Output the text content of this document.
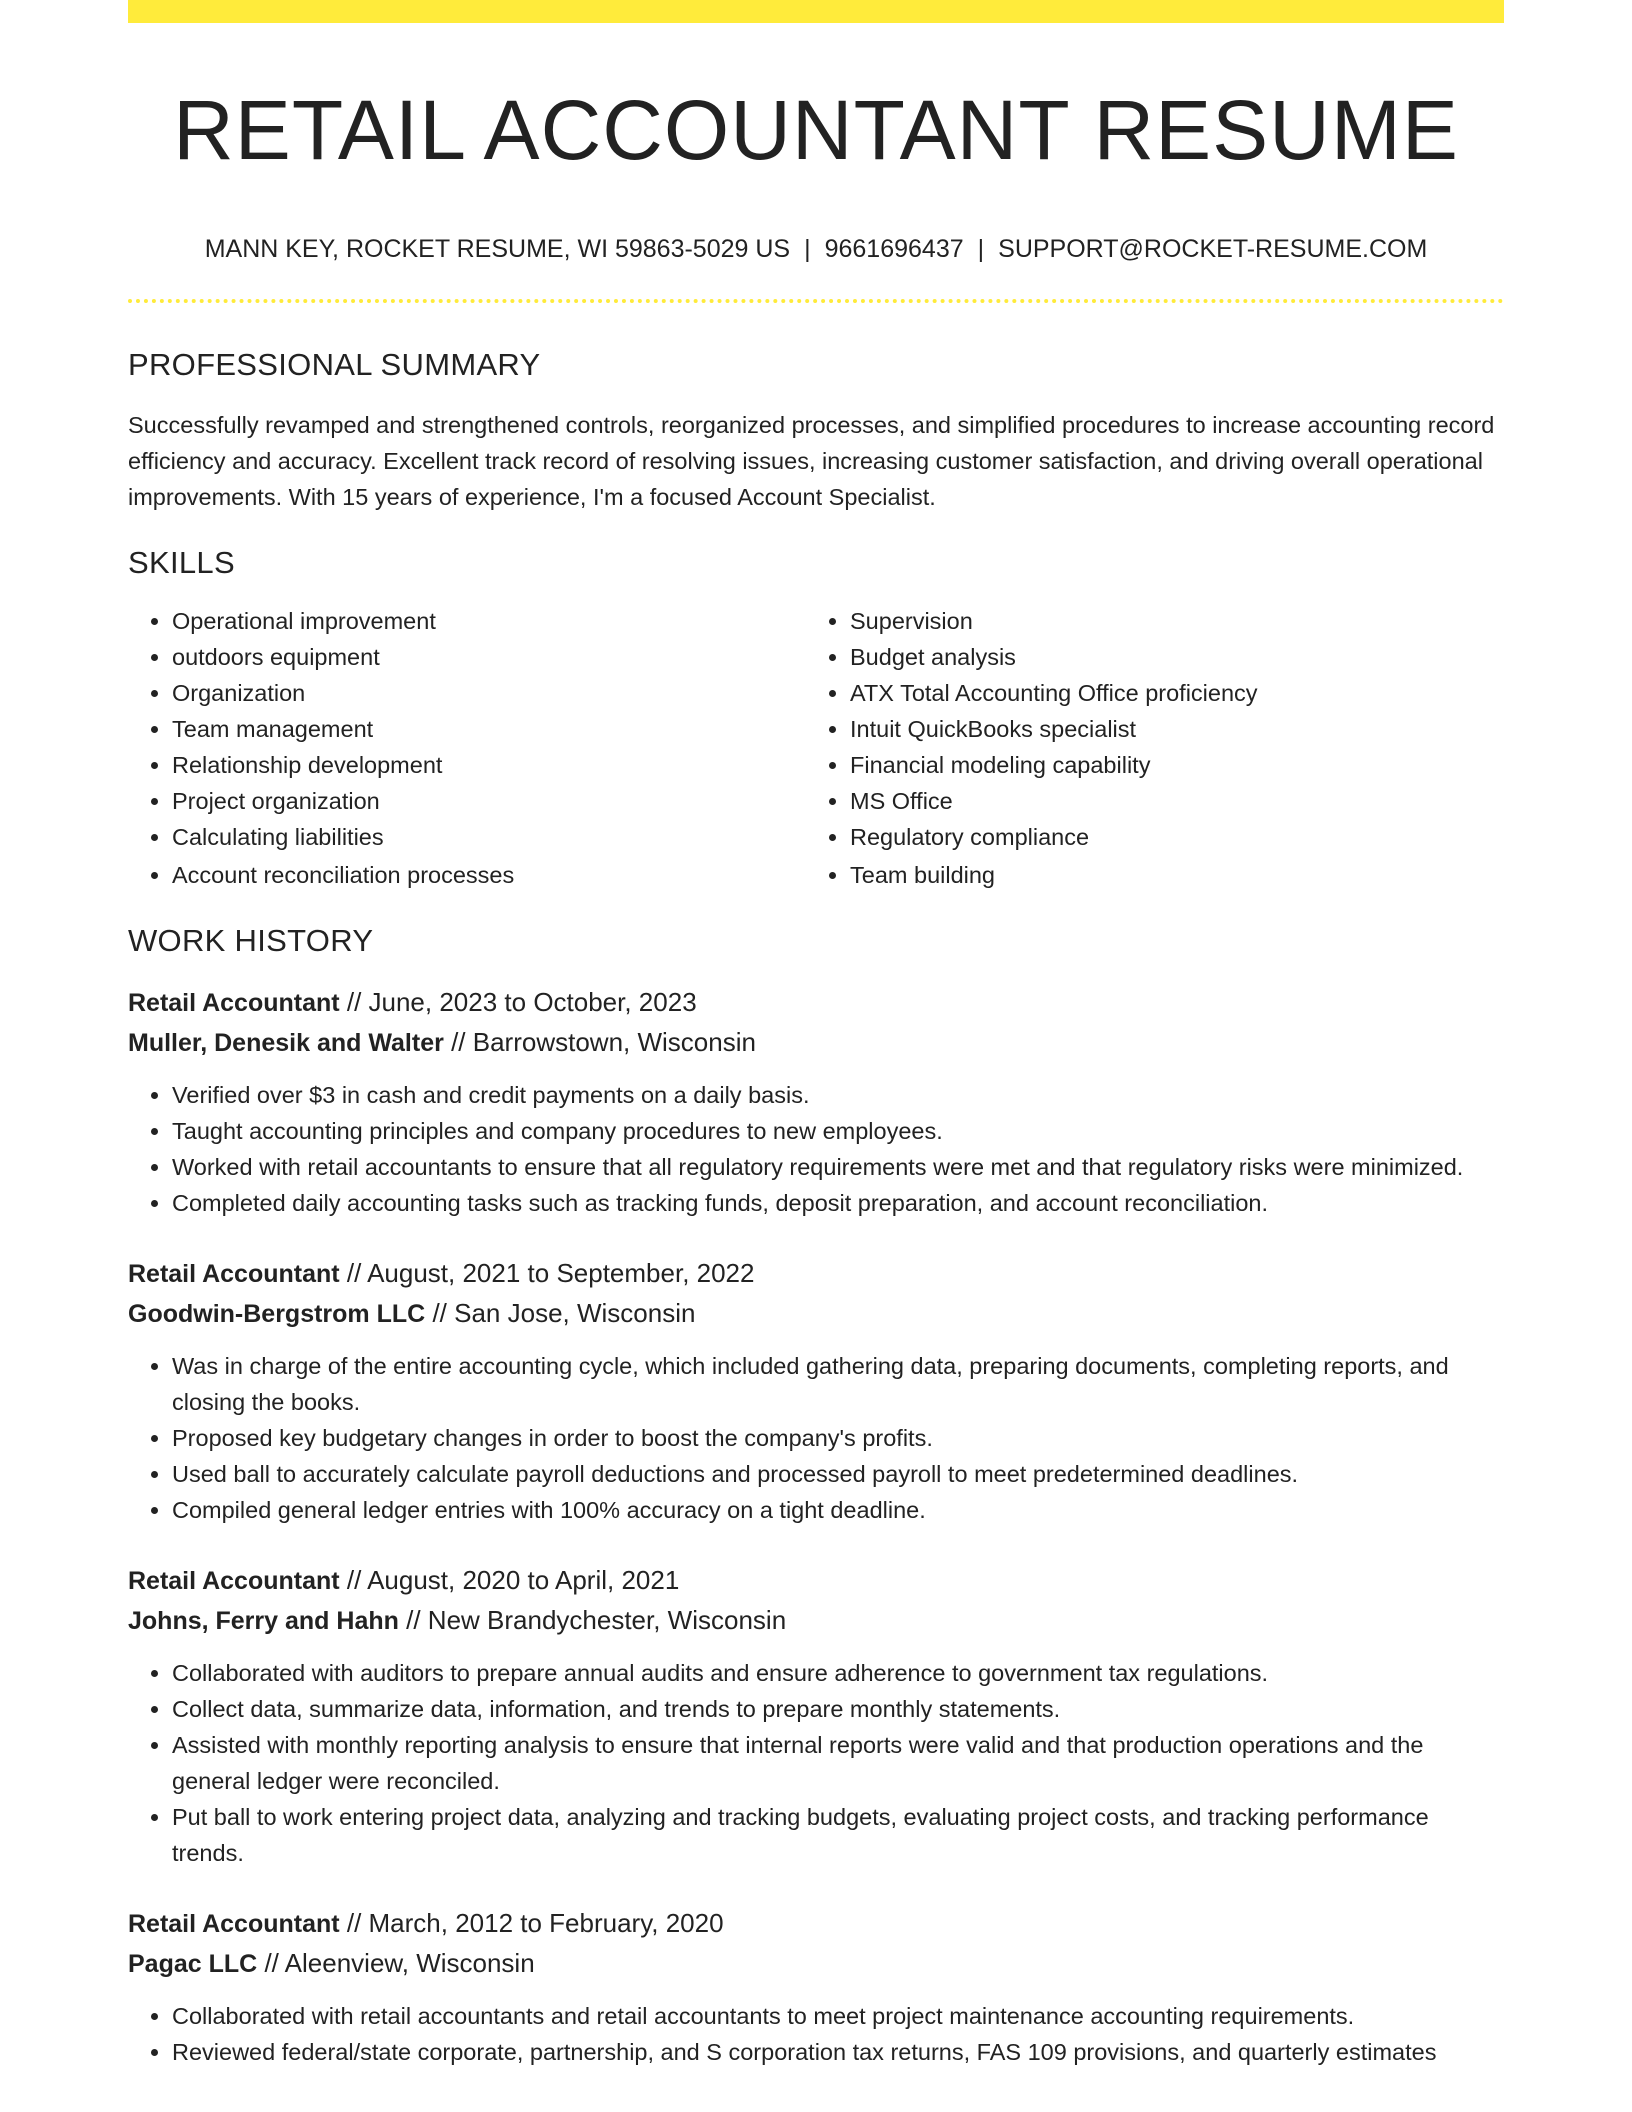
RETAIL ACCOUNTANT RESUME
MANN KEY, ROCKET RESUME, WI 59863-5029 US | 9661696437 | SUPPORT@ROCKET-RESUME.COM
PROFESSIONAL SUMMARY

Successfully revamped and strengthened controls, reorganized processes, and simplified procedures to increase accounting record efficiency and accuracy. Excellent track record of resolving issues, increasing customer satisfaction, and driving overall operational improvements. With 15 years of experience, I'm a focused Account Specialist.

SKILLS
• Operational improvement
• outdoors equipment
• Organization
• Team management
• Relationship development
• Project organization
• Calculating liabilities
• Account reconciliation processes
• Supervision
• Budget analysis
• ATX Total Accounting Office proficiency
• Intuit QuickBooks specialist
• Financial modeling capability
• MS Office
• Regulatory compliance
• Team building
WORK HISTORY
Retail Accountant // June, 2023 to October, 2023
Muller, Denesik and Walter // Barrowstown, Wisconsin
• Verified over $3 in cash and credit payments on a daily basis.
• Taught accounting principles and company procedures to new employees.
• Worked with retail accountants to ensure that all regulatory requirements were met and that regulatory risks were minimized.
• Completed daily accounting tasks such as tracking funds, deposit preparation, and account reconciliation.
Retail Accountant // August, 2021 to September, 2022
Goodwin-Bergstrom LLC // San Jose, Wisconsin
• Was in charge of the entire accounting cycle, which included gathering data, preparing documents, completing reports, and closing the books.
• Proposed key budgetary changes in order to boost the company's profits.
• Used ball to accurately calculate payroll deductions and processed payroll to meet predetermined deadlines.
• Compiled general ledger entries with 100% accuracy on a tight deadline.
Retail Accountant // August, 2020 to April, 2021
Johns, Ferry and Hahn // New Brandychester, Wisconsin
• Collaborated with auditors to prepare annual audits and ensure adherence to government tax regulations.
• Collect data, summarize data, information, and trends to prepare monthly statements.
• Assisted with monthly reporting analysis to ensure that internal reports were valid and that production operations and the general ledger were reconciled.
• Put ball to work entering project data, analyzing and tracking budgets, evaluating project costs, and tracking performance trends.
Retail Accountant // March, 2012 to February, 2020
Pagac LLC // Aleenview, Wisconsin
• Collaborated with retail accountants and retail accountants to meet project maintenance accounting requirements.
• Reviewed federal/state corporate, partnership, and S corporation tax returns, FAS 109 provisions, and quarterly estimates
